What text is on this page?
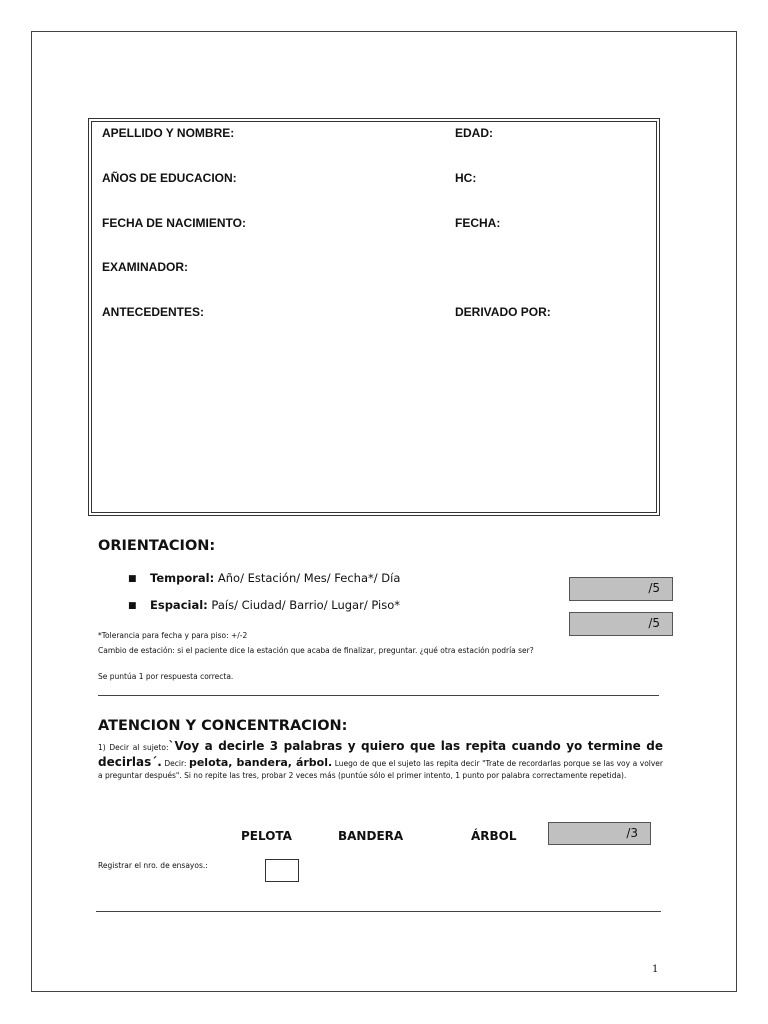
APELLIDO Y NOMBRE:	EDAD:
AÑOS DE EDUCACION:	HC:
FECHA DE NACIMIENTO:	FECHA:
EXAMINADOR:
ANTECEDENTES:	DERIVADO POR:
ORIENTACION:
■ Temporal: Año/ Estación/ Mes/ Fecha*/ Día
■ Espacial: País/ Ciudad/ Barrio/ Lugar/ Piso*
/5
/5
*Tolerancia para fecha y para piso: +/-2
Cambio de estación: si el paciente dice la estación que acaba de finalizar, preguntar. ¿qué otra estación podría ser?
Se puntúa 1 por respuesta correcta.
ATENCION Y CONCENTRACION:
1) Decir al sujeto:`Voy a decirle 3 palabras y quiero que las repita cuando yo termine de decirlas´. Decir: pelota, bandera, árbol. Luego de que el sujeto las repita decir "Trate de recordarlas porque se las voy a volver a preguntar después". Si no repite las tres, probar 2 veces más (puntúe sólo el primer intento, 1 punto por palabra correctamente repetida).
PELOTA	BANDERA	ÁRBOL	/3
Registrar el nro. de ensayos.:
1
